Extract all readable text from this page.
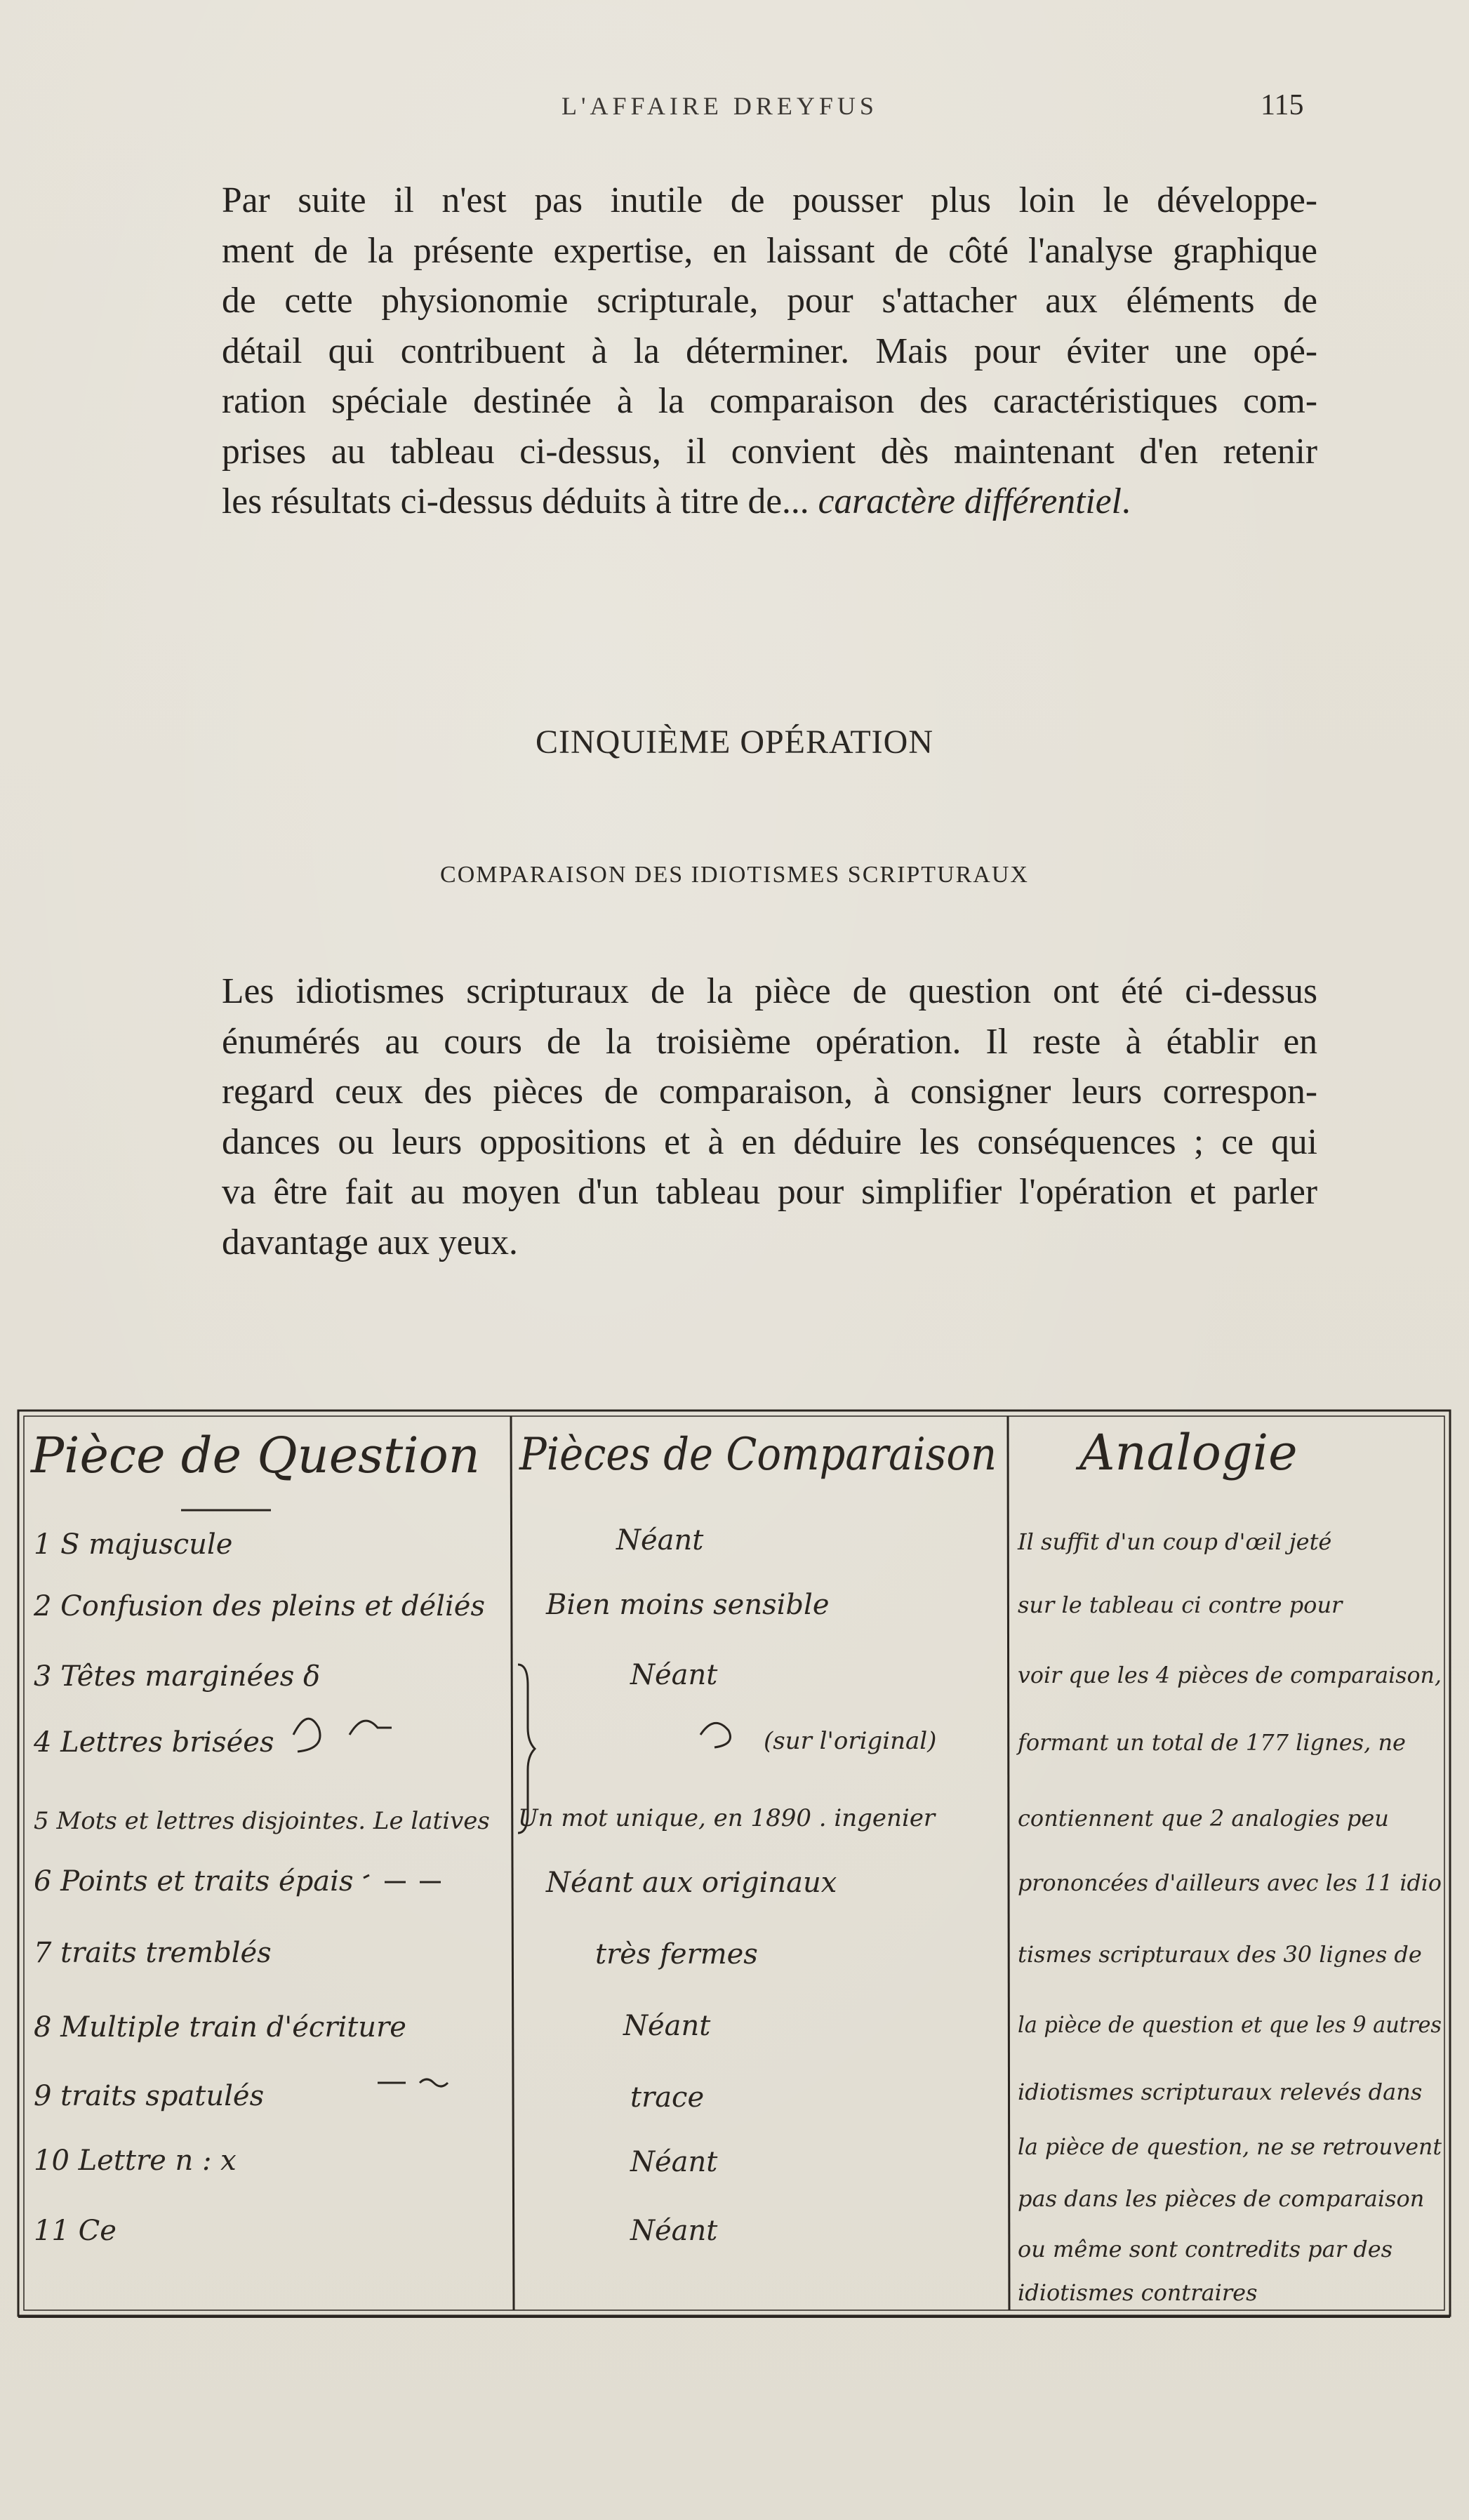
L'AFFAIRE DREYFUS	115
Par suite il n'est pas inutile de pousser plus loin le développe-
ment de la présente expertise, en laissant de côté l'analyse graphique
de cette physionomie scripturale, pour s'attacher aux éléments de
détail qui contribuent à la déterminer. Mais pour éviter une opé-
ration spéciale destinée à la comparaison des caractéristiques com-
prises au tableau ci-dessus, il convient dès maintenant d'en retenir
les résultats ci-dessus déduits à titre de... caractère différentiel.
CINQUIÈME OPÉRATION
COMPARAISON DES IDIOTISMES SCRIPTURAUX
Les idiotismes scripturaux de la pièce de question ont été ci-dessus
énumérés au cours de la troisième opération. Il reste à établir en
regard ceux des pièces de comparaison, à consigner leurs correspon-
dances ou leurs oppositions et à en déduire les conséquences ; ce qui
va être fait au moyen d'un tableau pour simplifier l'opération et parler
davantage aux yeux.
Pièce de Question Pièces de Comparaison Analogie
1 S majuscule
2 Confusion des pleins et déliés
3 Têtes marginées δ
4 Lettres brisées
5 Mots et lettres disjointes. Le latives
6 Points et traits épais
7 traits tremblés
8 Multiple train d'écriture
9 traits spatulés
10 Lettre n : x
11 Ce
Néant
Bien moins sensible
Néant
(sur l'original)
Un mot unique, en 1890 . ingenier
Néant aux originaux
très fermes
Néant
trace
Néant
Néant
Il suffit d'un coup d'œil jeté
sur le tableau ci contre pour
voir que les 4 pièces de comparaison,
formant un total de 177 lignes, ne
contiennent que 2 analogies peu
prononcées d'ailleurs avec les 11 idio
tismes scripturaux des 30 lignes de
la pièce de question et que les 9 autres
idiotismes scripturaux relevés dans
la pièce de question, ne se retrouvent
pas dans les pièces de comparaison
ou même sont contredits par des
idiotismes contraires
